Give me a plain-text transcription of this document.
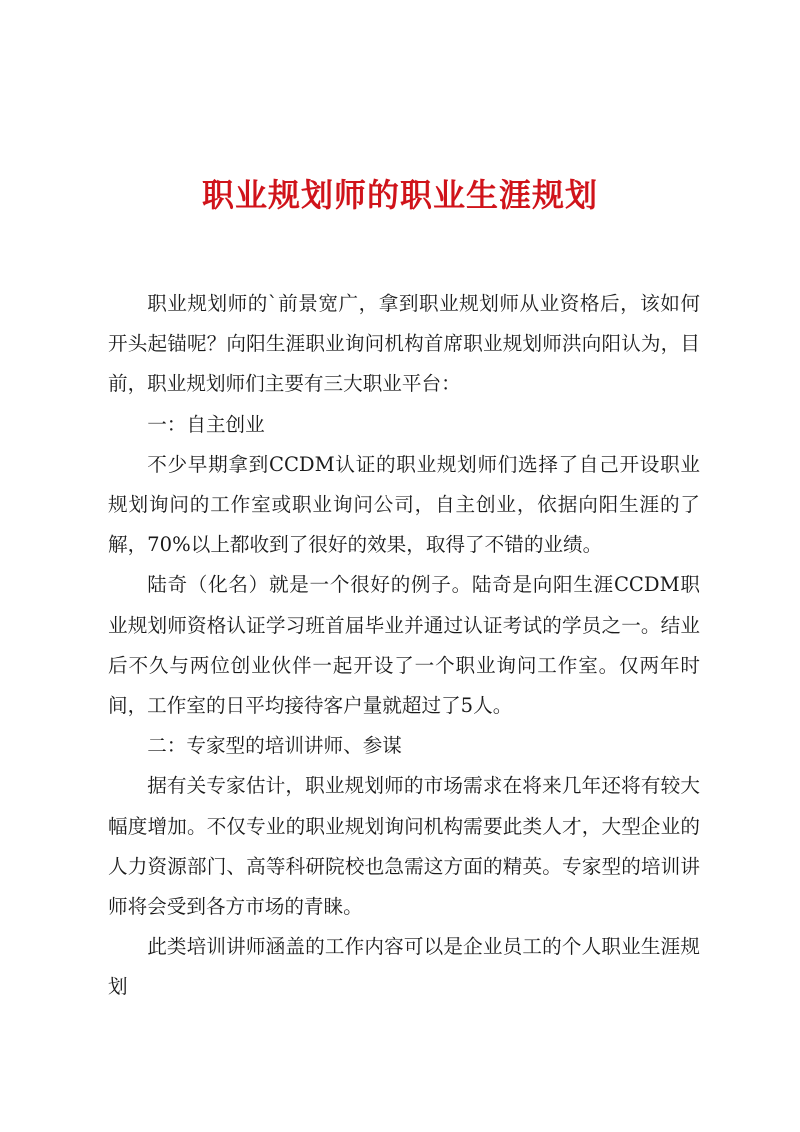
职业规划师的职业生涯规划

职业规划师的`前景宽广，拿到职业规划师从业资格后，该如何开头起锚呢？向阳生涯职业询问机构首席职业规划师洪向阳认为，目前，职业规划师们主要有三大职业平台：

一：自主创业

不少早期拿到CCDM认证的职业规划师们选择了自己开设职业规划询问的工作室或职业询问公司，自主创业，依据向阳生涯的了解，70%以上都收到了很好的效果，取得了不错的业绩。

陆奇（化名）就是一个很好的例子。陆奇是向阳生涯CCDM职业规划师资格认证学习班首届毕业并通过认证考试的学员之一。结业后不久与两位创业伙伴一起开设了一个职业询问工作室。仅两年时间，工作室的日平均接待客户量就超过了5人。

二：专家型的培训讲师、参谋

据有关专家估计，职业规划师的市场需求在将来几年还将有较大幅度增加。不仅专业的职业规划询问机构需要此类人才，大型企业的人力资源部门、高等科研院校也急需这方面的精英。专家型的培训讲师将会受到各方市场的青睐。

此类培训讲师涵盖的工作内容可以是企业员工的个人职业生涯规划
